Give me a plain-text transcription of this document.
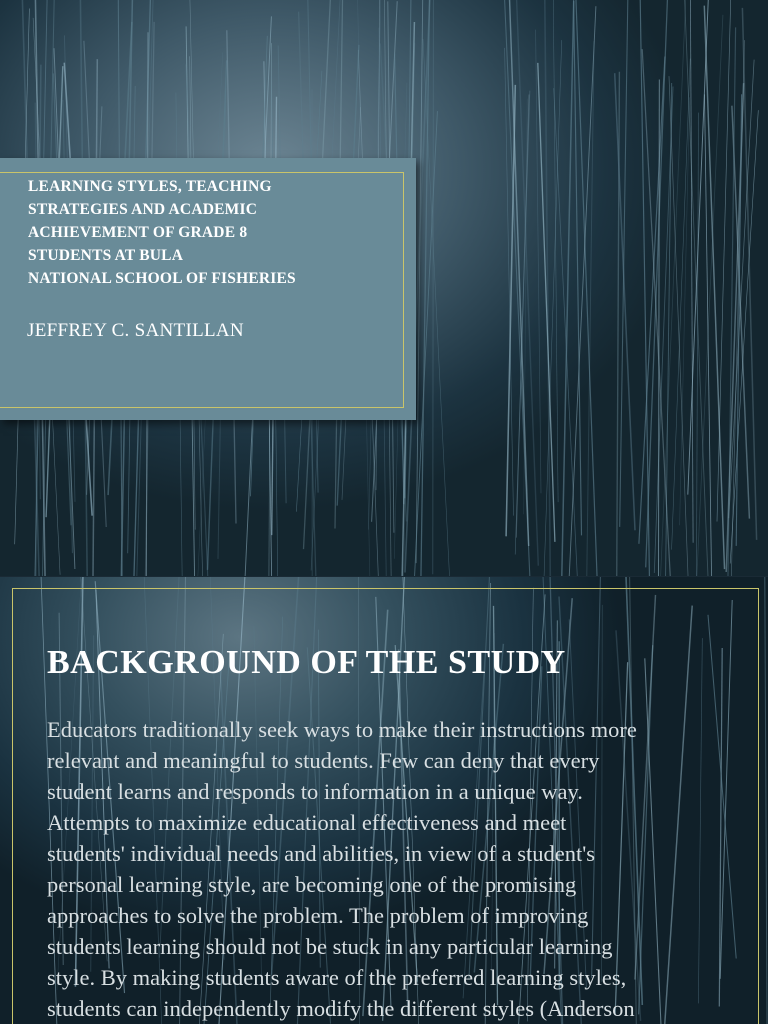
LEARNING STYLES, TEACHING
STRATEGIES AND ACADEMIC
ACHIEVEMENT OF GRADE 8
STUDENTS AT BULA
NATIONAL SCHOOL OF FISHERIES

JEFFREY C. SANTILLAN

BACKGROUND OF THE STUDY

Educators traditionally seek ways to make their instructions more
relevant and meaningful to students. Few can deny that every
student learns and responds to information in a unique way.
Attempts to maximize educational effectiveness and meet
students' individual needs and abilities, in view of a student's
personal learning style, are becoming one of the promising
approaches to solve the problem. The problem of improving
students learning should not be stuck in any particular learning
style. By making students aware of the preferred learning styles,
students can independently modify the different styles (Anderson
